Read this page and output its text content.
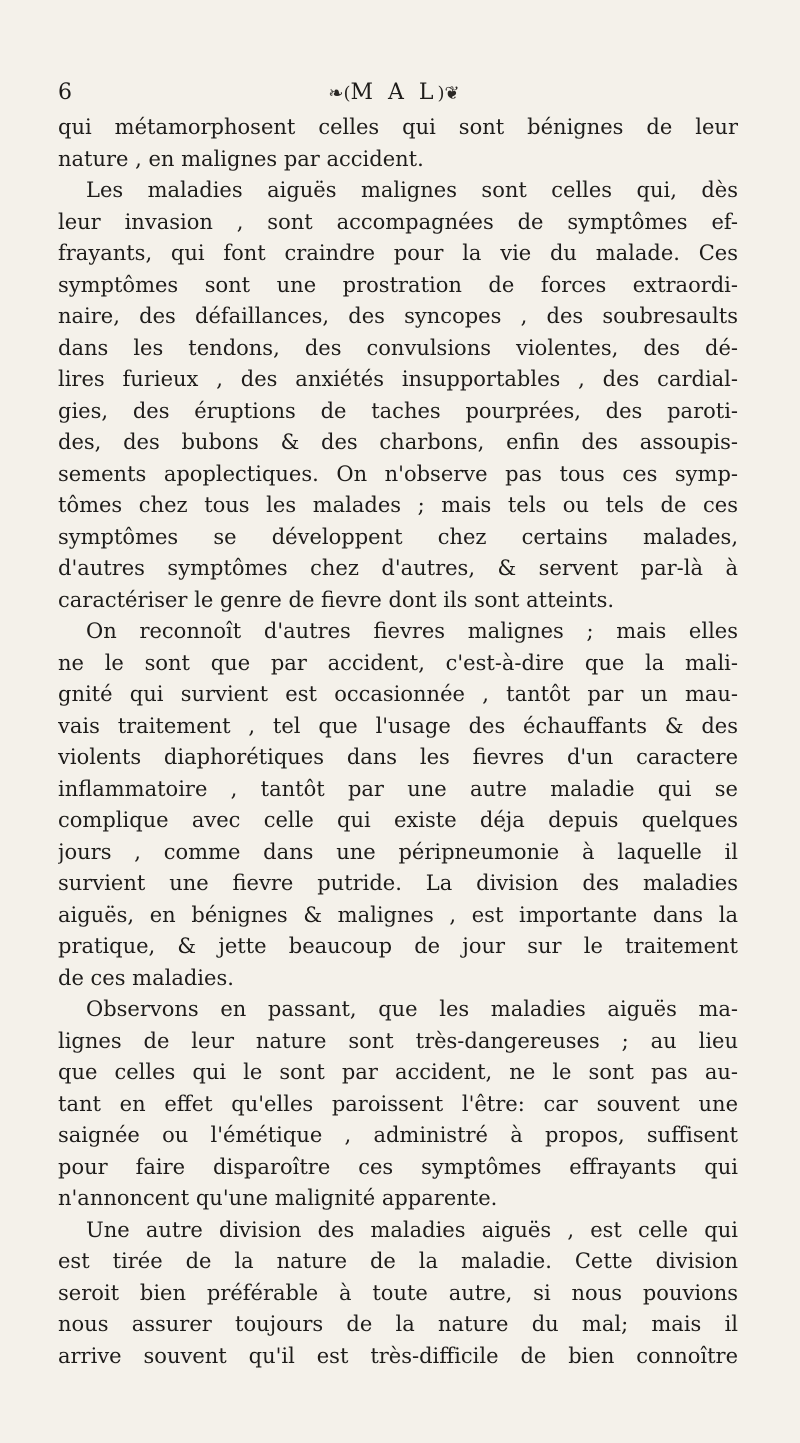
6	❧(M A L)❦
qui métamorphosent celles qui sont bénignes de leur
nature , en malignes par accident.
Les maladies aiguës malignes sont celles qui, dès
leur invasion , sont accompagnées de symptômes ef-
frayants, qui font craindre pour la vie du malade. Ces
symptômes sont une prostration de forces extraordi-
naire, des défaillances, des syncopes , des soubresaults
dans les tendons, des convulsions violentes, des dé-
lires furieux , des anxiétés insupportables , des cardial-
gies, des éruptions de taches pourprées, des paroti-
des, des bubons & des charbons, enfin des assoupis-
sements apoplectiques. On n'observe pas tous ces symp-
tômes chez tous les malades ; mais tels ou tels de ces
symptômes se développent chez certains malades,
d'autres symptômes chez d'autres, & servent par-là à
caractériser le genre de fievre dont ils sont atteints.
On reconnoît d'autres fievres malignes ; mais elles
ne le sont que par accident, c'est-à-dire que la mali-
gnité qui survient est occasionnée , tantôt par un mau-
vais traitement , tel que l'usage des échauffants & des
violents diaphorétiques dans les fievres d'un caractere
inflammatoire , tantôt par une autre maladie qui se
complique avec celle qui existe déja depuis quelques
jours , comme dans une péripneumonie à laquelle il
survient une fievre putride. La division des maladies
aiguës, en bénignes & malignes , est importante dans la
pratique, & jette beaucoup de jour sur le traitement
de ces maladies.
Observons en passant, que les maladies aiguës ma-
lignes de leur nature sont très-dangereuses ; au lieu
que celles qui le sont par accident, ne le sont pas au-
tant en effet qu'elles paroissent l'être: car souvent une
saignée ou l'émétique , administré à propos, suffisent
pour faire disparoître ces symptômes effrayants qui
n'annoncent qu'une malignité apparente.
Une autre division des maladies aiguës , est celle qui
est tirée de la nature de la maladie. Cette division
seroit bien préférable à toute autre, si nous pouvions
nous assurer toujours de la nature du mal; mais il
arrive souvent qu'il est très-difficile de bien connoître
